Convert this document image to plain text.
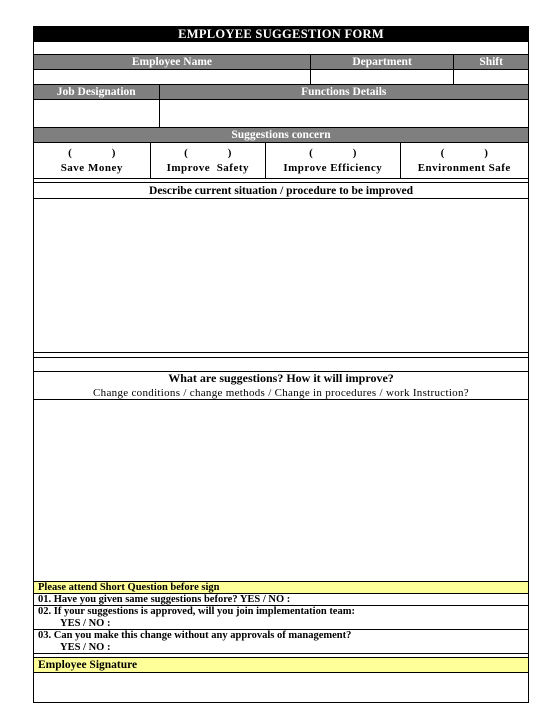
EMPLOYEE SUGGESTION FORM
Employee Name	Department	Shift
Job Designation	Functions Details
Suggestions concern
(	)
Save Money
(	)
Improve  Safety
(	)
Improve Efficiency
(	)
Environment Safe
Describe current situation / procedure to be improved
What are suggestions? How it will improve?
Change conditions / change methods / Change in procedures / work Instruction?
Please attend Short Question before sign
01. Have you given same suggestions before? YES / NO :
02. If your suggestions is approved, will you join implementation team:
YES / NO :
03. Can you make this change without any approvals of management?
YES / NO :
Employee Signature
